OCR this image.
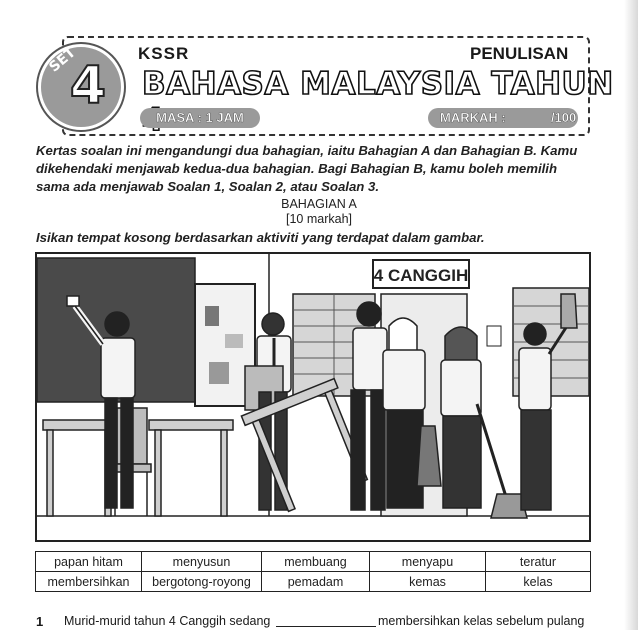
SET
4
KSSR	PENULISAN
BAHASA MALAYSIA TAHUN
MASA : 1 JAM	MARKAH :	/100
Kertas soalan ini mengandungi dua bahagian, iaitu Bahagian A dan Bahagian B. Kamu dikehendaki menjawab kedua-dua bahagian. Bagi Bahagian B, kamu boleh memilih sama ada menjawab Soalan 1, Soalan 2, atau Soalan 3.
BAHAGIAN A
[10 markah]
Isikan tempat kosong berdasarkan aktiviti yang terdapat dalam gambar.
4 CANGGIH
papan hitam	menyusun	membuang	menyapu	teratur
membersihkan	bergotong-royong	pemadam	kemas	kelas
1 Murid-murid tahun 4 Canggih sedang	membersihkan kelas sebelum pulang
